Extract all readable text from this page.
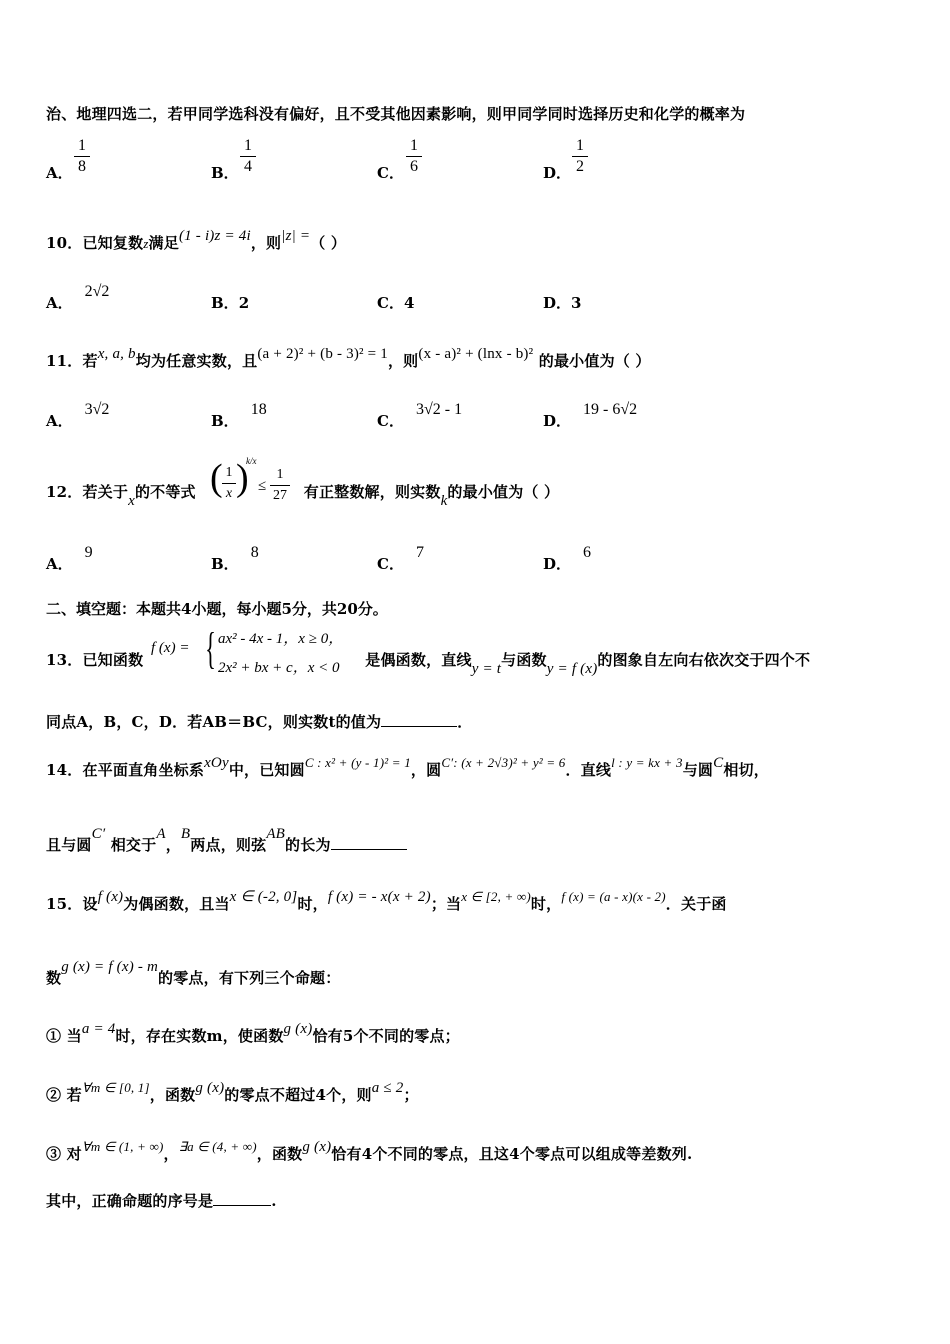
治、地理四选二，若甲同学选科没有偏好，且不受其他因素影响，则甲同学同时选择历史和化学的概率为
A．
1
8	B．
1
4	C．
1
6	D．
1
2
10．已知复数z满足(1 - i)z = 4i，则|z| =（ ）
A．2√2
B．2	C．4	D．3
11．若x, a, b均为任意实数，且(a + 2)² + (b - 3)² = 1，则(x - a)² + (lnx - b)² 的最小值为（ ）
A．3√2
B．18
C．3√2 - 1
D．19 - 6√2
12．若关于x的不等式	有正整数解，则实数k的最小值为（ ）
( 1
x )
k/x
≤
1
27
A．9
B．8
C．7
D．6
二、填空题：本题共4小题，每小题5分，共20分。
13．已知函数	是偶函数，直线y = t与函数y = f (x)的图象自左向右依次交于四个不
f (x) = { ax² - 4x - 1，x ≥ 0，
2x² + bx + c，x < 0
同点A，B，C，D．若AB＝BC，则实数t的值为	．
14．在平面直角坐标系xOy中，已知圆C : x² + (y - 1)² = 1，圆C′: (x + 2√3)² + y² = 6．直线l : y = kx + 3与圆C相切，
且与圆C′ 相交于A，B两点，则弦AB的长为
15．设f (x)为偶函数，且当x ∈ (-2, 0]时，f (x) = - x(x + 2)；当x ∈ [2, + ∞)时，f (x) = (a - x)(x - 2)．关于函
数g (x) = f (x) - m的零点，有下列三个命题：
① 当a = 4时，存在实数m，使函数g (x)恰有5个不同的零点；
② 若∀m ∈ [0, 1]，函数g (x)的零点不超过4个，则a ≤ 2；
③ 对∀m ∈ (1, + ∞)，∃a ∈ (4, + ∞)，函数g (x)恰有4个不同的零点，且这4个零点可以组成等差数列.
其中，正确命题的序号是	.
